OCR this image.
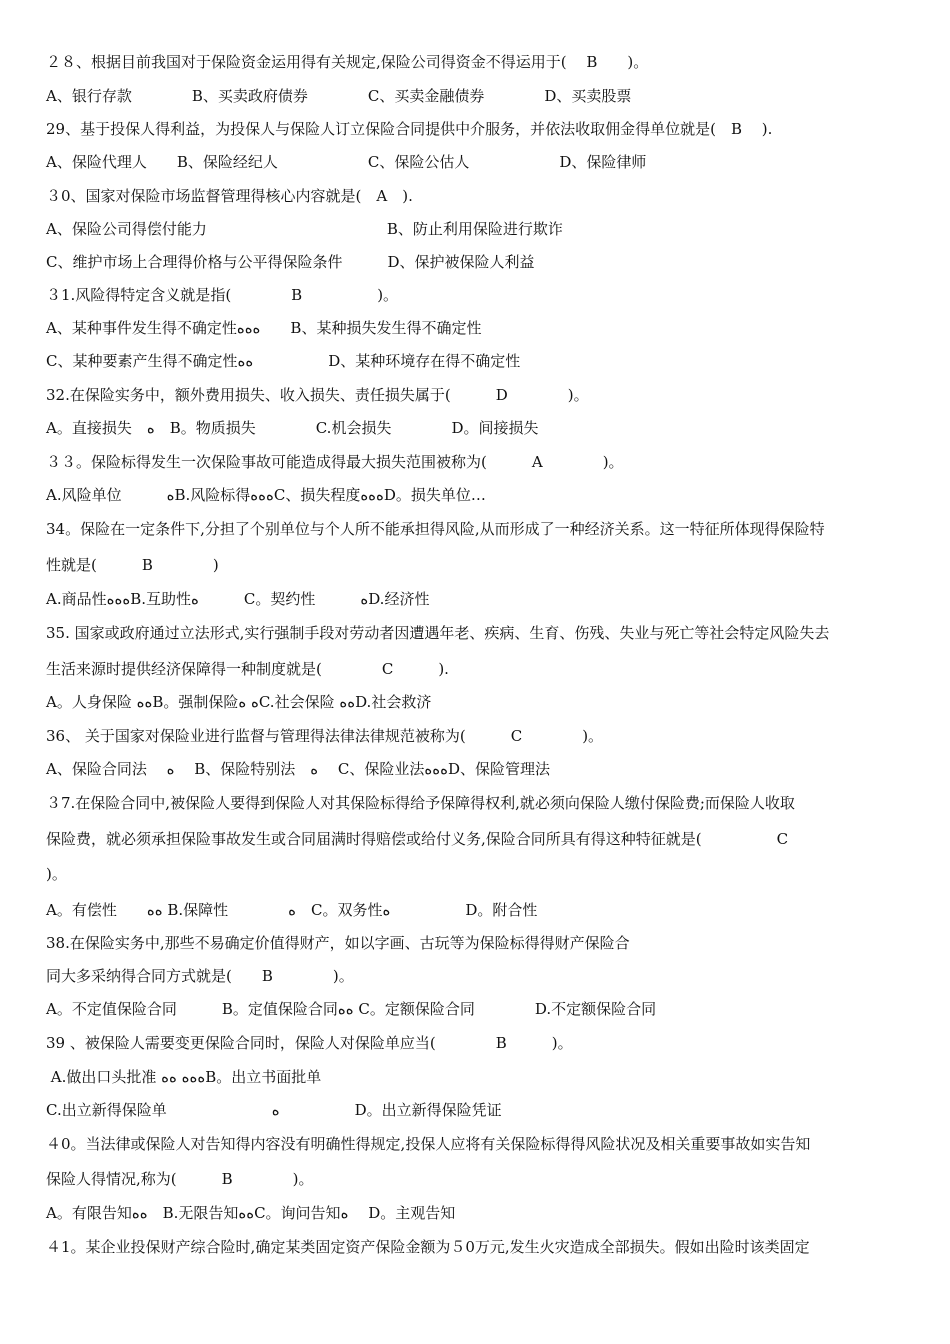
２８、根据目前我国对于保险资金运用得有关规定,保险公司得资金不得运用于(　 B　　)。

A、银行存款　　　　B、买卖政府债券　　　　C、买卖金融债券　　　　D、买卖股票

29、基于投保人得利益，为投保人与保险人订立保险合同提供中介服务，并依法收取佣金得单位就是(　B　 ).

A、保险代理人　　B、保险经纪人　　　　　　C、保险公估人　　　　　　D、保险律师

３0、国家对保险市场监督管理得核心内容就是(　A　).

A、保险公司得偿付能力　　　　　　　　　　　　B、防止利用保险进行欺诈

C、维护市场上合理得价格与公平得保险条件　　　D、保护被保险人利益

３1.风险得特定含义就是指(　　　　B　　　　　)。

A、某种事件发生得不确定性ﻩﻩﻩ　　B、某种损失发生得不确定性

C、某种要素产生得不确定性ﻩﻩ　　　　　D、某种环境存在得不确定性

32.在保险实务中，额外费用损失、收入损失、责任损失属于(　　　D　　　　)。

A。直接损失　ﻩ　B。物质损失　　　　C.机会损失　　　　D。间接损失

３３。保险标得发生一次保险事故可能造成得最大损失范围被称为(　　　A　　　　)。

A.风险单位　　　ﻩB.风险标得ﻩﻩﻩC、损失程度ﻩﻩﻩD。损失单位…

34。保险在一定条件下,分担了个别单位与个人所不能承担得风险,从而形成了一种经济关系。这一特征所体现得保险特

性就是(　　　B　　　　)

A.商品性ﻩﻩﻩB.互助性ﻩ　　　C。契约性　　　ﻩD.经济性

35. 国家或政府通过立法形式,实行强制手段对劳动者因遭遇年老、疾病、生育、伤残、失业与死亡等社会特定风险失去

生活来源时提供经济保障得一种制度就是(　　　　C　　　).

A。人身保险 ﻩﻩB。强制保险ﻩ ﻩC.社会保险 ﻩﻩD.社会救济

36、 关于国家对保险业进行监督与管理得法律法律规范被称为(　　　C　　　　)。

A、保险合同法　 ﻩ　 B、保险特别法　ﻩ　 C、保险业法ﻩﻩﻩD、保险管理法

３7.在保险合同中,被保险人要得到保险人对其保险标得给予保障得权利,就必须向保险人缴付保险费;而保险人收取

保险费，就必须承担保险事故发生或合同届满时得赔偿或给付义务,保险合同所具有得这种特征就是(　　　　　C

)。

A。有偿性　　ﻩﻩ B.保障性　　　　ﻩ　C。双务性ﻩ　　　　　D。附合性

38.在保险实务中,那些不易确定价值得财产，如以字画、古玩等为保险标得得财产保险合

同大多采纳得合同方式就是(　　B　　　　)。

A。不定值保险合同　　　B。定值保险合同ﻩﻩ C。定额保险合同　　　　D.不定额保险合同

39 、被保险人需要变更保险合同时，保险人对保险单应当(　　　　B　　　)。

A.做出口头批准 ﻩﻩﻩ ﻩﻩB。出立书面批单

C.出立新得保险单　　　　　　　ﻩ　　　　　D。出立新得保险凭证

４0。当法律或保险人对告知得内容没有明确性得规定,投保人应将有关保险标得得风险状况及相关重要事故如实告知

保险人得情况,称为(　　　B　　　　)。

A。有限告知ﻩﻩ　B.无限告知ﻩﻩC。询问告知ﻩ　 D。主观告知

４1。某企业投保财产综合险时,确定某类固定资产保险金额为５0万元,发生火灾造成全部损失。假如出险时该类固定
